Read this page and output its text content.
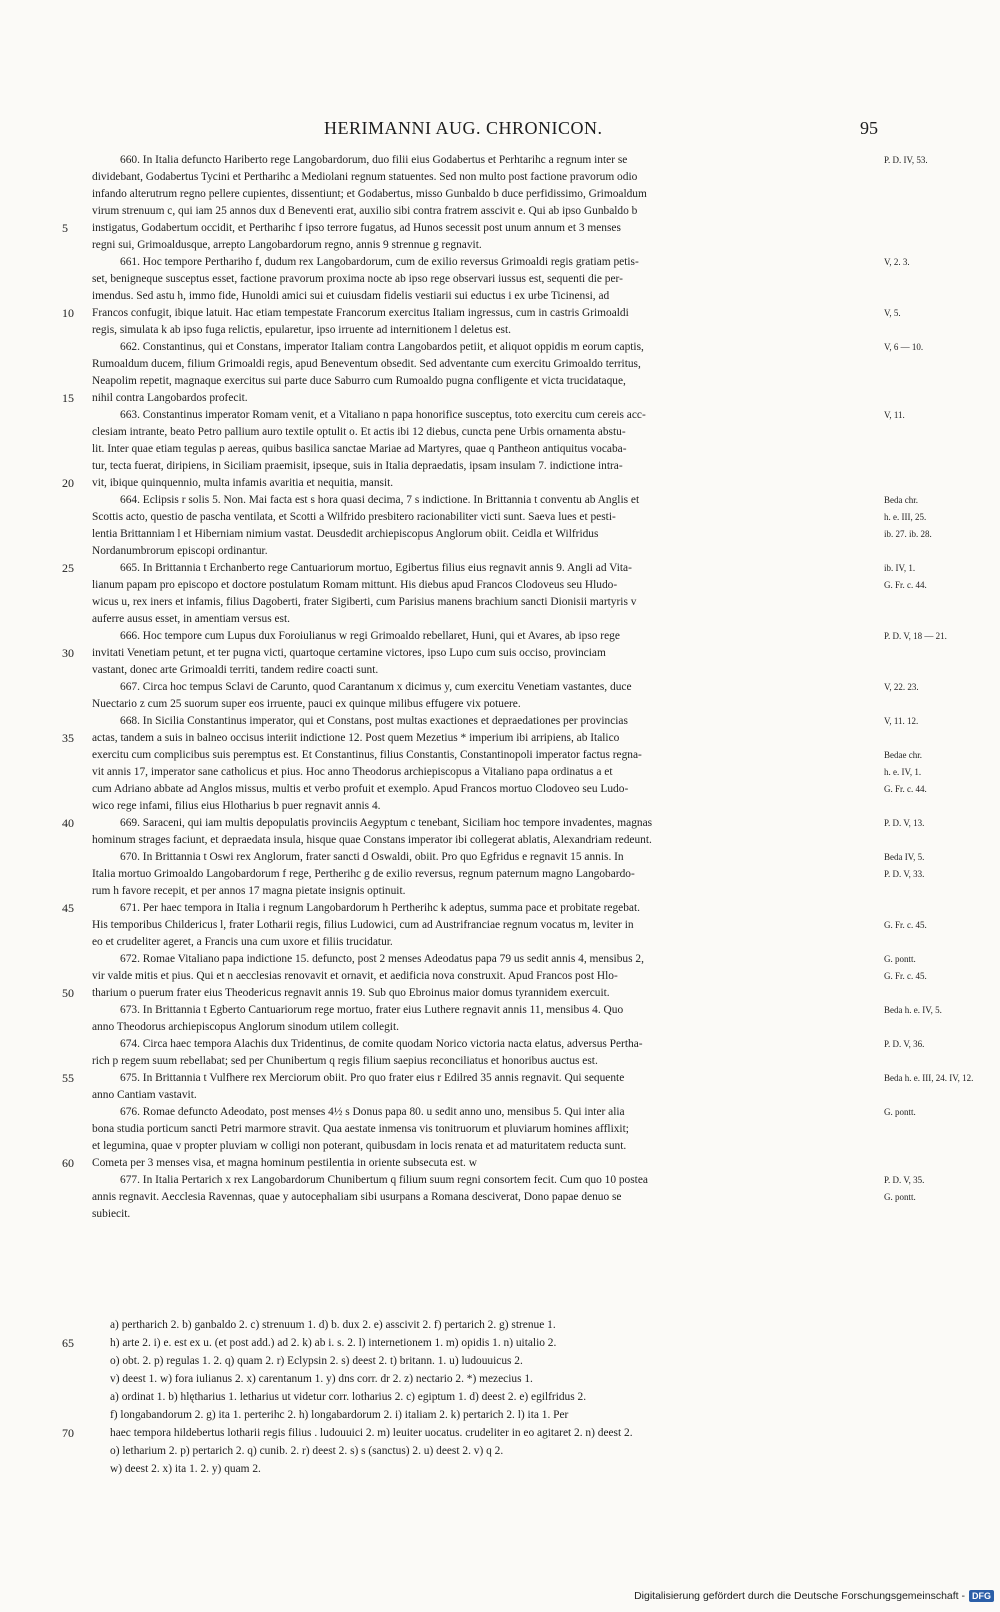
HERIMANNI AUG. CHRONICON.	95
660. In Italia defuncto Hariberto rege Langobardorum, duo filii eius Godabertus et Perhtarihc a regnum inter se	P. D. IV, 53.
dividebant, Godabertus Tycini et Pertharihc a Mediolani regnum statuentes. Sed non multo post factione pravorum odio
infando alterutrum regno pellere cupientes, dissentiunt; et Godabertus, misso Gunbaldo b duce perfidissimo, Grimoaldum
virum strenuum c, qui iam 25 annos dux d Beneventi erat, auxilio sibi contra fratrem asscivit e. Qui ab ipso Gunbaldo b
5	instigatus, Godabertum occidit, et Pertharihc f ipso terrore fugatus, ad Hunos secessit post unum annum et 3 menses
regni sui, Grimoaldusque, arrepto Langobardorum regno, annis 9 strennue g regnavit.
661. Hoc tempore Perthariho f, dudum rex Langobardorum, cum de exilio reversus Grimoaldi regis gratiam petis-	V, 2. 3.
set, benigneque susceptus esset, factione pravorum proxima nocte ab ipso rege observari iussus est, sequenti die per-
imendus. Sed astu h, immo fide, Hunoldi amici sui et cuiusdam fidelis vestiarii sui eductus i ex urbe Ticinensi, ad
10	Francos confugit, ibique latuit. Hac etiam tempestate Francorum exercitus Italiam ingressus, cum in castris Grimoaldi	V, 5.
regis, simulata k ab ipso fuga relictis, epularetur, ipso irruente ad internitionem l deletus est.
662. Constantinus, qui et Constans, imperator Italiam contra Langobardos petiit, et aliquot oppidis m eorum captis,	V, 6 — 10.
Rumoaldum ducem, filium Grimoaldi regis, apud Beneventum obsedit. Sed adventante cum exercitu Grimoaldo territus,
Neapolim repetit, magnaque exercitus sui parte duce Saburro cum Rumoaldo pugna confligente et victa trucidataque,
15	nihil contra Langobardos profecit.
663. Constantinus imperator Romam venit, et a Vitaliano n papa honorifice susceptus, toto exercitu cum cereis acc-	V, 11.
clesiam intrante, beato Petro pallium auro textile optulit o. Et actis ibi 12 diebus, cuncta pene Urbis ornamenta abstu-
lit. Inter quae etiam tegulas p aereas, quibus basilica sanctae Mariae ad Martyres, quae q Pantheon antiquitus vocaba-
tur, tecta fuerat, diripiens, in Siciliam praemisit, ipseque, suis in Italia depraedatis, ipsam insulam 7. indictione intra-
20	vit, ibique quinquennio, multa infamis avaritia et nequitia, mansit.
664. Eclipsis r solis 5. Non. Mai facta est s hora quasi decima, 7 s indictione. In Brittannia t conventu ab Anglis et	Beda chr.
Scottis acto, questio de pascha ventilata, et Scotti a Wilfrido presbitero racionabiliter victi sunt. Saeva lues et pesti-	h. e. III, 25.
lentia Brittanniam l et Hiberniam nimium vastat. Deusdedit archiepiscopus Anglorum obiit. Ceidla et Wilfridus	ib. 27. ib. 28.
Nordanumbrorum episcopi ordinantur.
25	665. In Brittannia t Erchanberto rege Cantuariorum mortuo, Egibertus filius eius regnavit annis 9. Angli ad Vita-	ib. IV, 1.
lianum papam pro episcopo et doctore postulatum Romam mittunt. His diebus apud Francos Clodoveus seu Hludo-	G. Fr. c. 44.
wicus u, rex iners et infamis, filius Dagoberti, frater Sigiberti, cum Parisius manens brachium sancti Dionisii martyris v
auferre ausus esset, in amentiam versus est.
666. Hoc tempore cum Lupus dux Foroiulianus w regi Grimoaldo rebellaret, Huni, qui et Avares, ab ipso rege	P. D. V, 18 — 21.
30	invitati Venetiam petunt, et ter pugna victi, quartoque certamine victores, ipso Lupo cum suis occiso, provinciam
vastant, donec arte Grimoaldi territi, tandem redire coacti sunt.
667. Circa hoc tempus Sclavi de Carunto, quod Carantanum x dicimus y, cum exercitu Venetiam vastantes, duce	V, 22. 23.
Nuectario z cum 25 suorum super eos irruente, pauci ex quinque milibus effugere vix potuere.
668. In Sicilia Constantinus imperator, qui et Constans, post multas exactiones et depraedationes per provincias	V, 11. 12.
35	actas, tandem a suis in balneo occisus interiit indictione 12. Post quem Mezetius * imperium ibi arripiens, ab Italico
exercitu cum complicibus suis peremptus est. Et Constantinus, filius Constantis, Constantinopoli imperator factus regna-	Bedae chr.
vit annis 17, imperator sane catholicus et pius. Hoc anno Theodorus archiepiscopus a Vitaliano papa ordinatus a et	h. e. IV, 1.
cum Adriano abbate ad Anglos missus, multis et verbo profuit et exemplo. Apud Francos mortuo Clodoveo seu Ludo-	G. Fr. c. 44.
wico rege infami, filius eius Hlotharius b puer regnavit annis 4.
40	669. Saraceni, qui iam multis depopulatis provinciis Aegyptum c tenebant, Siciliam hoc tempore invadentes, magnas	P. D. V, 13.
hominum strages faciunt, et depraedata insula, hisque quae Constans imperator ibi collegerat ablatis, Alexandriam redeunt.
670. In Brittannia t Oswi rex Anglorum, frater sancti d Oswaldi, obiit. Pro quo Egfridus e regnavit 15 annis. In	Beda IV, 5.
Italia mortuo Grimoaldo Langobardorum f rege, Pertherihc g de exilio reversus, regnum paternum magno Langobardo-	P. D. V, 33.
rum h favore recepit, et per annos 17 magna pietate insignis optinuit.
45	671. Per haec tempora in Italia i regnum Langobardorum h Pertherihc k adeptus, summa pace et probitate regebat.
His temporibus Childericus l, frater Lotharii regis, filius Ludowici, cum ad Austrifranciae regnum vocatus m, leviter in	G. Fr. c. 45.
eo et crudeliter ageret, a Francis una cum uxore et filiis trucidatur.
672. Romae Vitaliano papa indictione 15. defuncto, post 2 menses Adeodatus papa 79 us sedit annis 4, mensibus 2,	G. pontt.
vir valde mitis et pius. Qui et n aecclesias renovavit et ornavit, et aedificia nova construxit. Apud Francos post Hlo-	G. Fr. c. 45.
50	tharium o puerum frater eius Theodericus regnavit annis 19. Sub quo Ebroinus maior domus tyrannidem exercuit.
673. In Brittannia t Egberto Cantuariorum rege mortuo, frater eius Luthere regnavit annis 11, mensibus 4. Quo	Beda h. e. IV, 5.
anno Theodorus archiepiscopus Anglorum sinodum utilem collegit.
674. Circa haec tempora Alachis dux Tridentinus, de comite quodam Norico victoria nacta elatus, adversus Pertha-	P. D. V, 36.
rich p regem suum rebellabat; sed per Chunibertum q regis filium saepius reconciliatus et honoribus auctus est.
55	675. In Brittannia t Vulfhere rex Merciorum obiit. Pro quo frater eius r Edilred 35 annis regnavit. Qui sequente	Beda h. e. III, 24. IV, 12.
anno Cantiam vastavit.
676. Romae defuncto Adeodato, post menses 4½ s Donus papa 80. u sedit anno uno, mensibus 5. Qui inter alia	G. pontt.
bona studia porticum sancti Petri marmore stravit. Qua aestate inmensa vis tonitruorum et pluviarum homines afflixit;
et legumina, quae v propter pluviam w colligi non poterant, quibusdam in locis renata et ad maturitatem reducta sunt.
60	Cometa per 3 menses visa, et magna hominum pestilentia in oriente subsecuta est. w
677. In Italia Pertarich x rex Langobardorum Chunibertum q filium suum regni consortem fecit. Cum quo 10 postea	P. D. V, 35.
annis regnavit. Aecclesia Ravennas, quae y autocephaliam sibi usurpans a Romana desciverat, Dono papae denuo se	G. pontt.
subiecit.
a) pertharich 2. b) ganbaldo 2. c) strenuum 1. d) b. dux 2. e) asscivit 2. f) pertarich 2. g) strenue 1.
65	h) arte 2. i) e. est ex u. (et post add.) ad 2. k) ab i. s. 2. l) internetionem 1. m) opidis 1. n) uitalio 2.
o) obt. 2. p) regulas 1. 2. q) quam 2. r) Eclypsin 2. s) deest 2. t) britann. 1. u) ludouuicus 2.
v) deest 1. w) fora iulianus 2. x) carentanum 1. y) dns corr. dr 2. z) nectario 2. *) mezecius 1.
a) ordinat 1. b) hlętharius 1. letharius ut videtur corr. lotharius 2. c) egiptum 1. d) deest 2. e) egilfridus 2.
f) longabandorum 2. g) ita 1. perterihc 2. h) longabardorum 2. i) italiam 2. k) pertarich 2. l) ita 1. Per
70	haec tempora hildebertus lotharii regis filius . ludouuici 2. m) leuiter uocatus. crudeliter in eo agitaret 2. n) deest 2.
o) letharium 2. p) pertarich 2. q) cunib. 2. r) deest 2. s) s (sanctus) 2. u) deest 2. v) q 2.
w) deest 2. x) ita 1. 2. y) quam 2.
Digitalisierung gefördert durch die Deutsche Forschungsgemeinschaft - DFG
